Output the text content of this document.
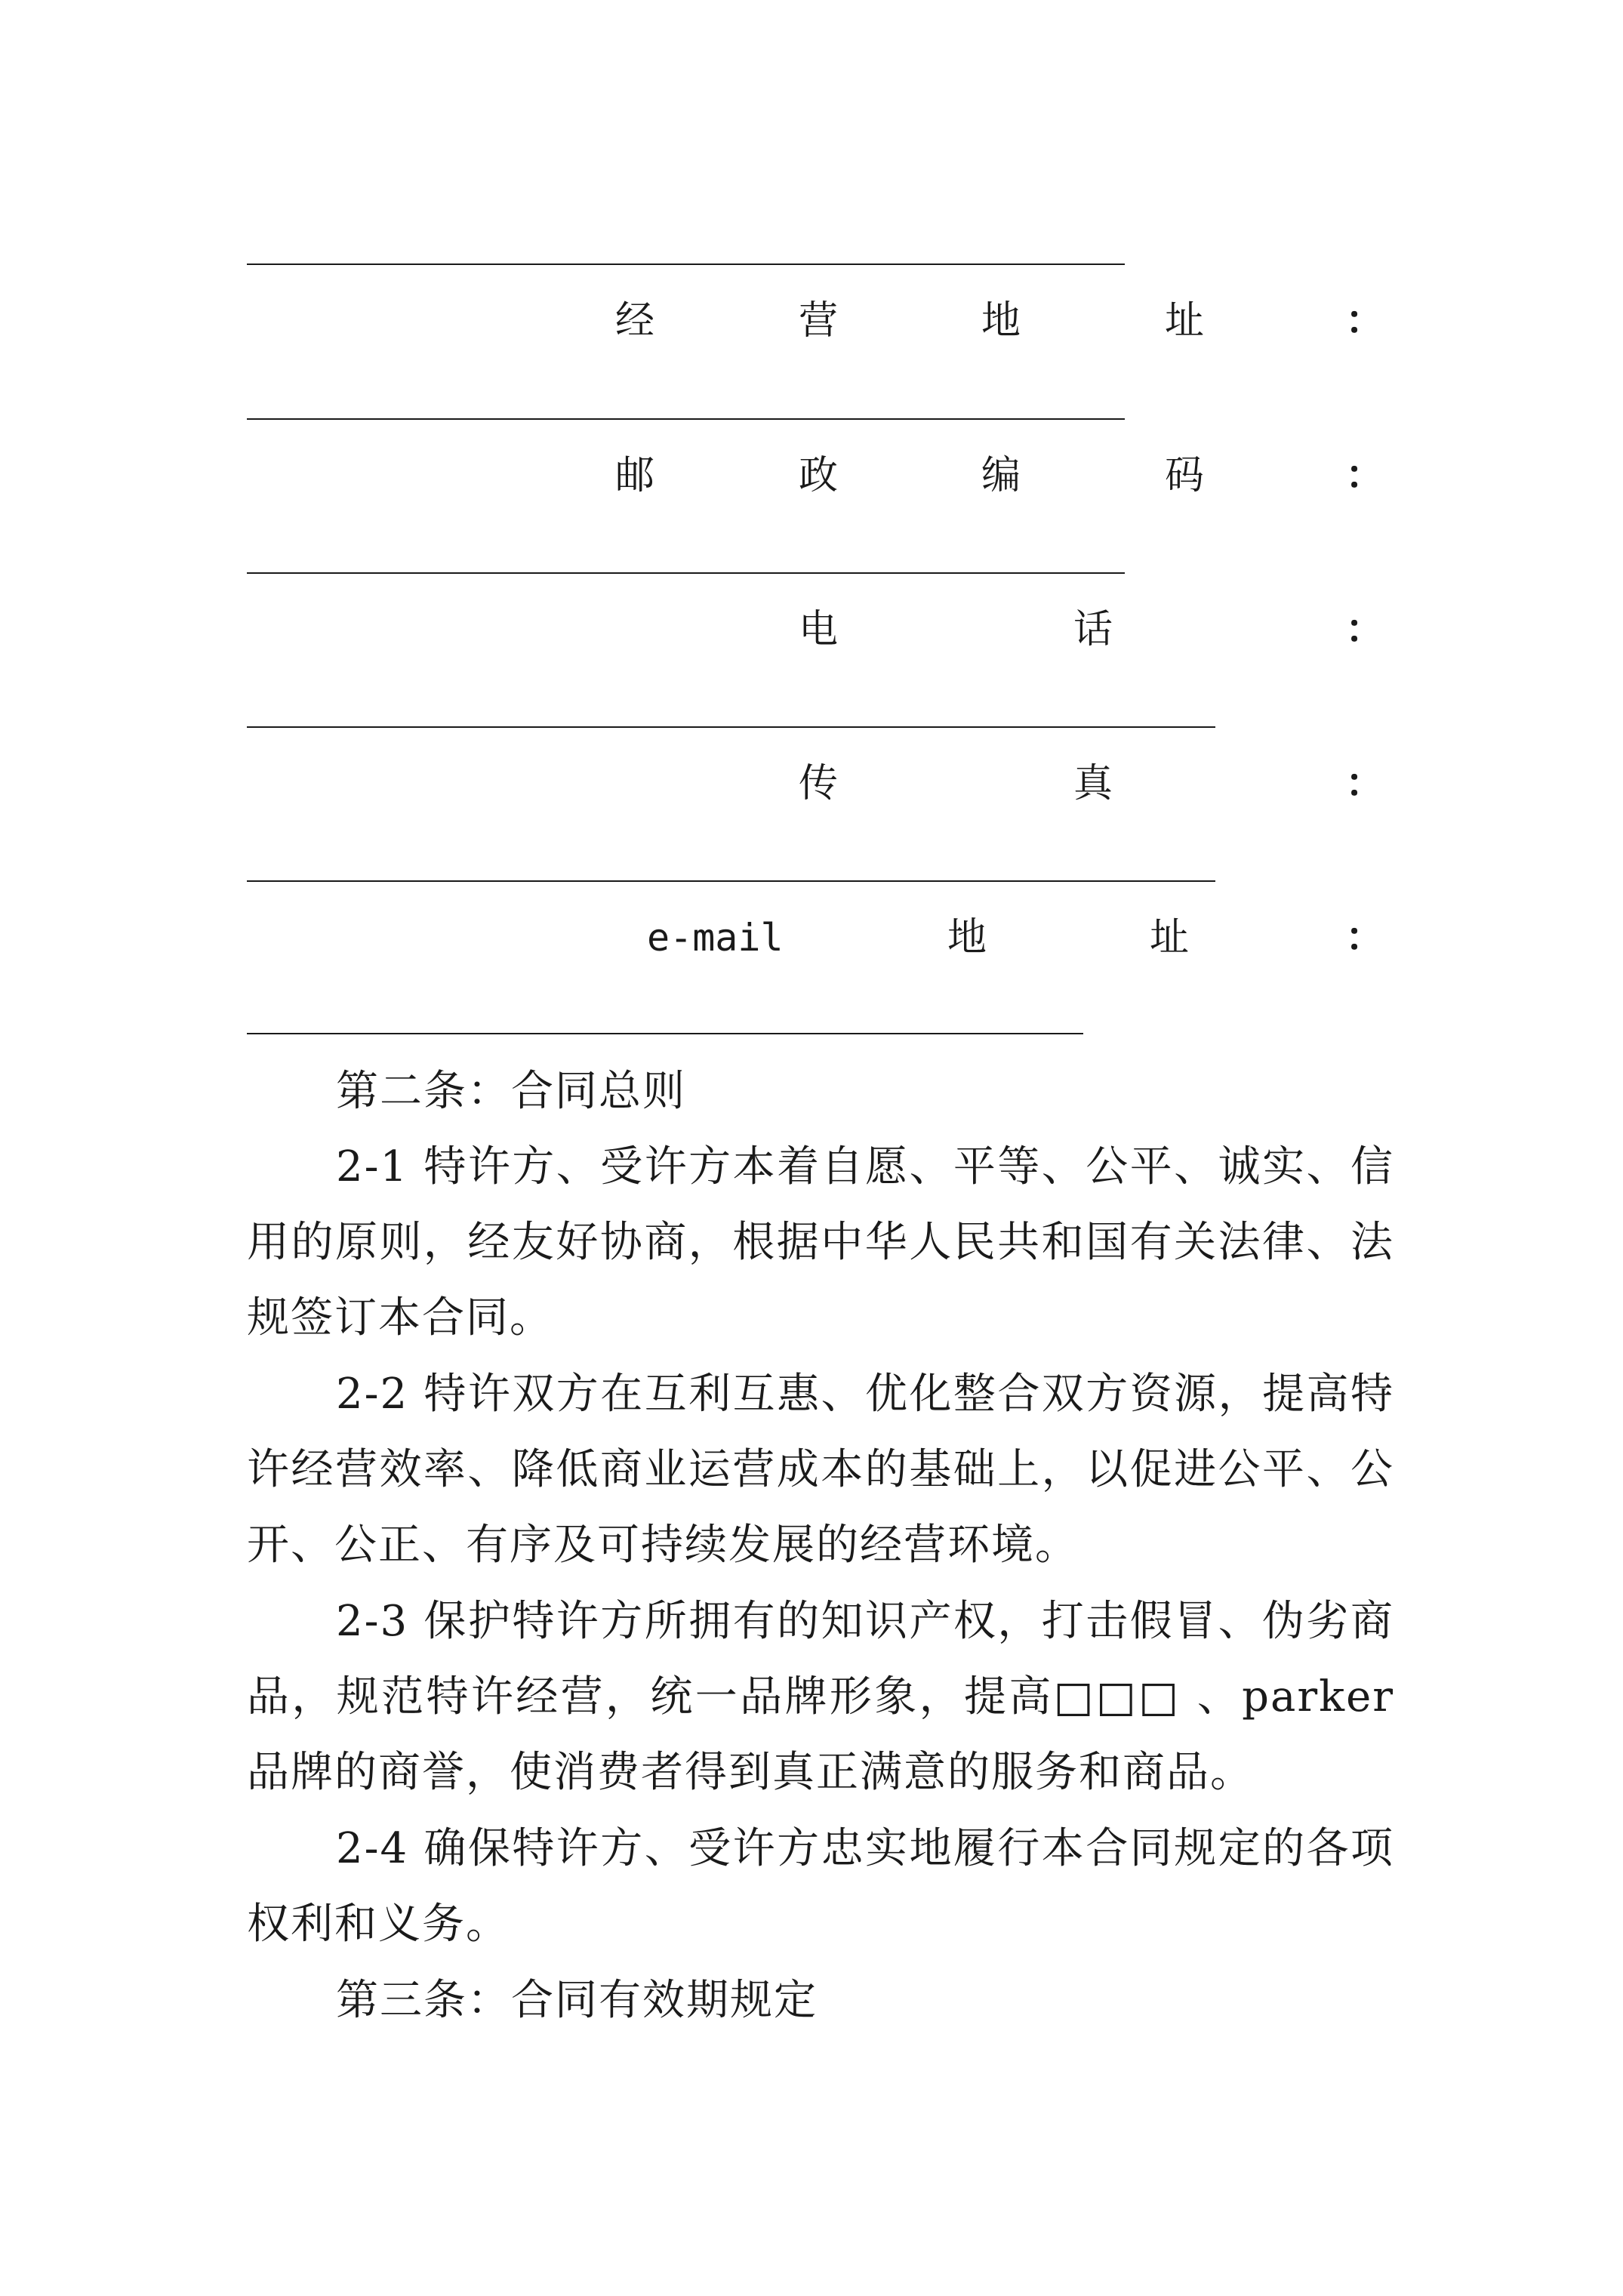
经	营	地	址	：
邮	政	编	码	：
电	话	：
传	真	：
e-mail	地	址	：
第二条：合同总则
2-1 特许方、受许方本着自愿、平等、公平、诚实、信用的原则，经友好协商，根据中华人民共和国有关法律、法规签订本合同。
2-2 特许双方在互利互惠、优化整合双方资源，提高特许经营效率、降低商业运营成本的基础上，以促进公平、公开、公正、有序及可持续发展的经营环境。
2-3 保护特许方所拥有的知识产权，打击假冒、伪劣商品，规范特许经营，统一品牌形象，提高□□□ 、parker品牌的商誉，使消费者得到真正满意的服务和商品。
2-4 确保特许方、受许方忠实地履行本合同规定的各项权利和义务。
第三条：合同有效期规定
